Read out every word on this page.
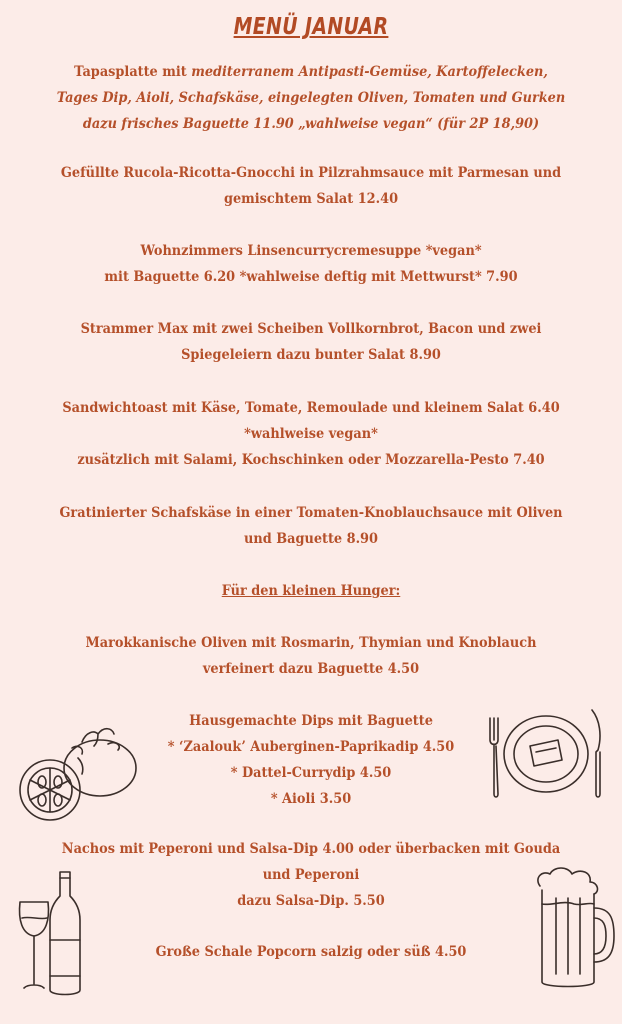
MENÜ JANUAR
Tapasplatte mit mediterranem Antipasti-Gemüse, Kartoffelecken,
Tages Dip, Aioli, Schafskäse, eingelegten Oliven, Tomaten und Gurken
dazu frisches Baguette 11.90 „wahlweise vegan“ (für 2P 18,90)
Gefüllte Rucola-Ricotta-Gnocchi in Pilzrahmsauce mit Parmesan und
gemischtem Salat 12.40
Wohnzimmers Linsencurrycremesuppe *vegan*
mit Baguette 6.20 *wahlweise deftig mit Mettwurst* 7.90
Strammer Max mit zwei Scheiben Vollkornbrot, Bacon und zwei
Spiegeleiern dazu bunter Salat 8.90
Sandwichtoast mit Käse, Tomate, Remoulade und kleinem Salat 6.40
*wahlweise vegan*
zusätzlich mit Salami, Kochschinken oder Mozzarella-Pesto 7.40
Gratinierter Schafskäse in einer Tomaten-Knoblauchsauce mit Oliven
und Baguette 8.90
Für den kleinen Hunger:
Marokkanische Oliven mit Rosmarin, Thymian und Knoblauch
verfeinert dazu Baguette 4.50
Hausgemachte Dips mit Baguette
* ‘Zaalouk’ Auberginen-Paprikadip 4.50
* Dattel-Currydip 4.50
* Aioli 3.50
Nachos mit Peperoni und Salsa-Dip 4.00 oder überbacken mit Gouda
und Peperoni
dazu Salsa-Dip. 5.50
Große Schale Popcorn salzig oder süß 4.50
